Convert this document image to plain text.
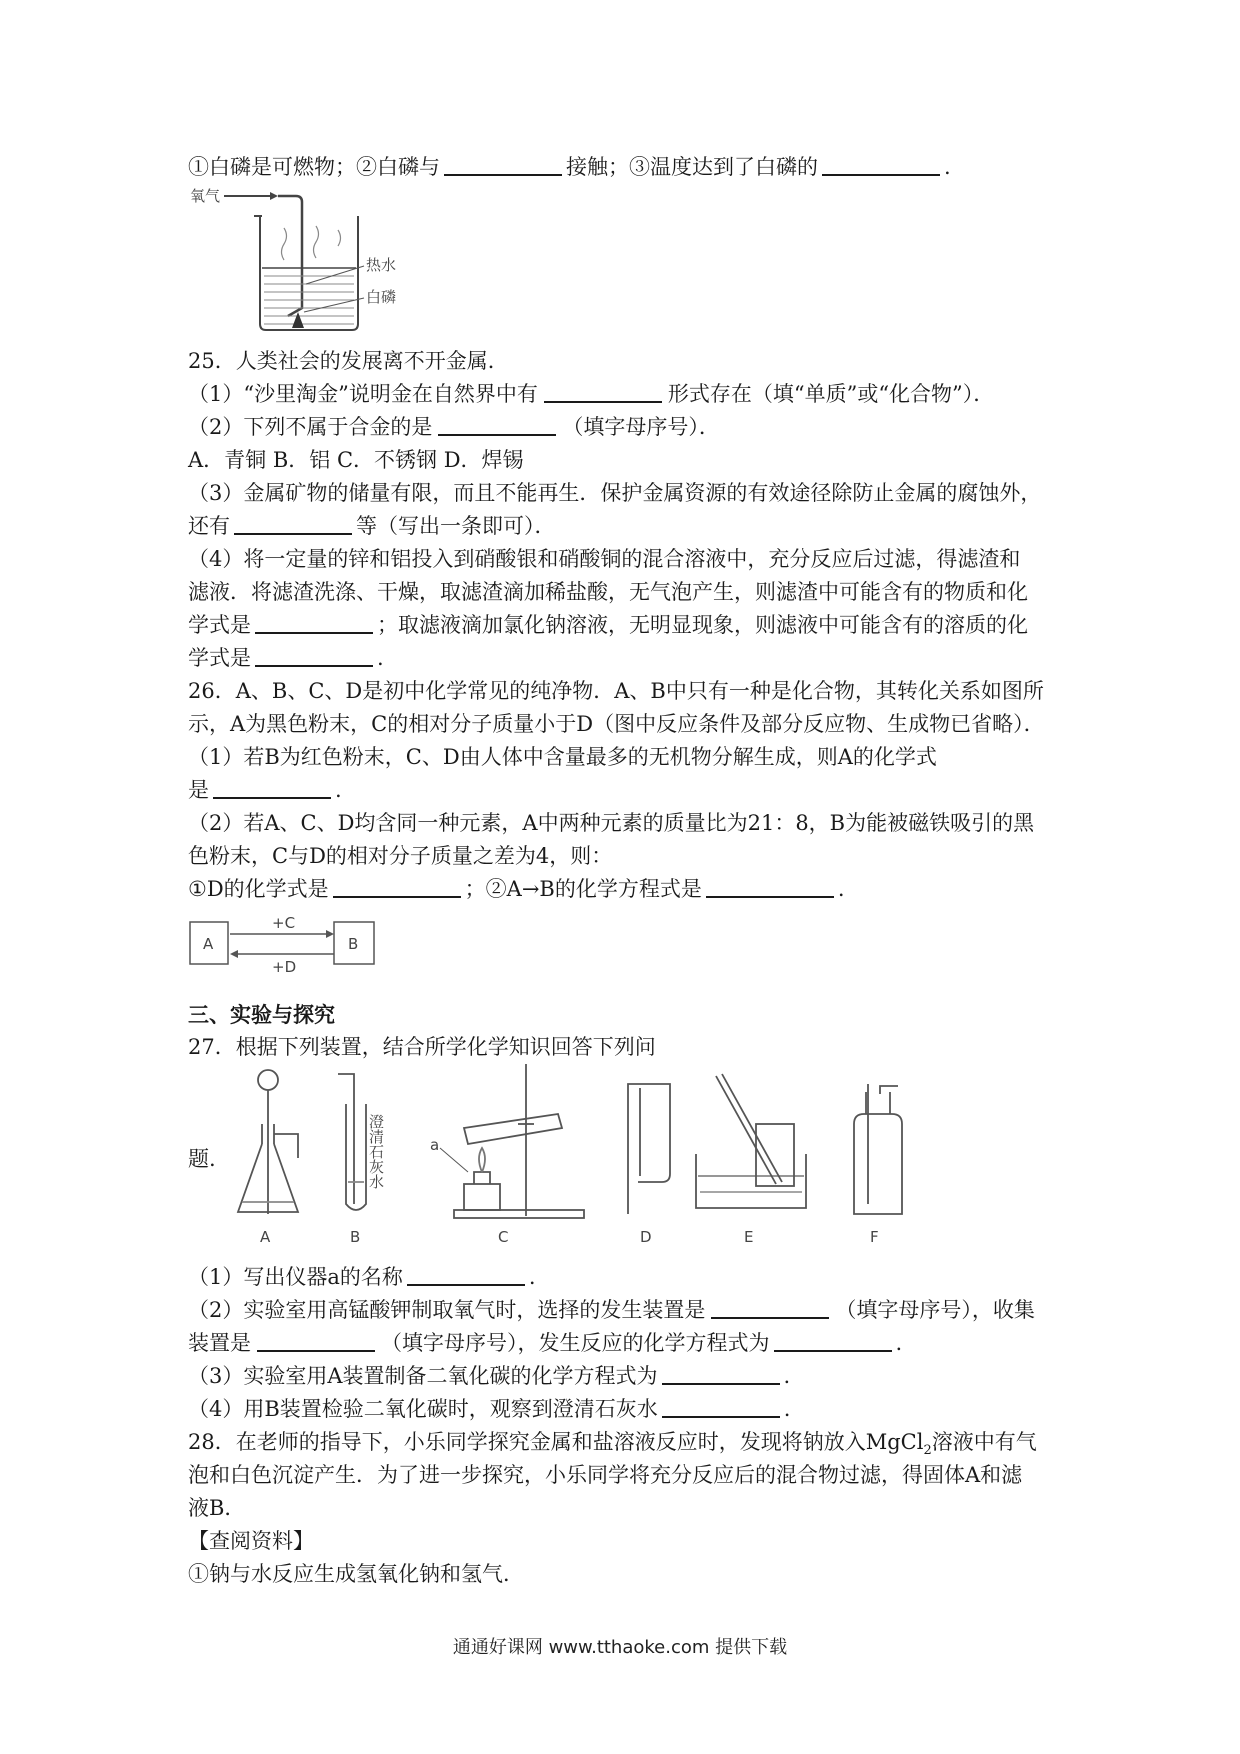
①白磷是可燃物；②白磷与	接触；③温度达到了白磷的	.
氧气
热水
白磷
25．人类社会的发展离不开金属．
（1）“沙里淘金”说明金在自然界中有	形式存在（填“单质”或“化合物”）．
（2）下列不属于合金的是	（填字母序号）．
A．青铜 B．铝 C．不锈钢 D．焊锡
（3）金属矿物的储量有限，而且不能再生．保护金属资源的有效途径除防止金属的腐蚀外，
还有	等（写出一条即可）．
（4）将一定量的锌和铝投入到硝酸银和硝酸铜的混合溶液中，充分反应后过滤，得滤渣和
滤液．将滤渣洗涤、干燥，取滤渣滴加稀盐酸，无气泡产生，则滤渣中可能含有的物质和化
学式是	；取滤液滴加氯化钠溶液，无明显现象，则滤液中可能含有的溶质的化
学式是	.
26．A、B、C、D是初中化学常见的纯净物．A、B中只有一种是化合物，其转化关系如图所
示，A为黑色粉末，C的相对分子质量小于D（图中反应条件及部分反应物、生成物已省略）．
（1）若B为红色粉末，C、D由人体中含量最多的无机物分解生成，则A的化学式
是	.
（2）若A、C、D均含同一种元素，A中两种元素的质量比为21：8，B为能被磁铁吸引的黑
色粉末，C与D的相对分子质量之差为4，则：
①D的化学式是	；②A→B的化学方程式是	.
A	B
+C
+D
三、实验与探究
27．根据下列装置，结合所学化学知识回答下列问
题.
A
澄清石灰水
B
a
C	D	E	F
（1）写出仪器a的名称	.
（2）实验室用高锰酸钾制取氧气时，选择的发生装置是	（填字母序号），收集
装置是	（填字母序号），发生反应的化学方程式为	.
（3）实验室用A装置制备二氧化碳的化学方程式为	.
（4）用B装置检验二氧化碳时，观察到澄清石灰水	.
28．在老师的指导下，小乐同学探究金属和盐溶液反应时，发现将钠放入MgCl$_2$溶液中有气
泡和白色沉淀产生．为了进一步探究，小乐同学将充分反应后的混合物过滤，得固体A和滤
液B．
【查阅资料】
①钠与水反应生成氢氧化钠和氢气．
通通好课网 www.tthaoke.com 提供下载
